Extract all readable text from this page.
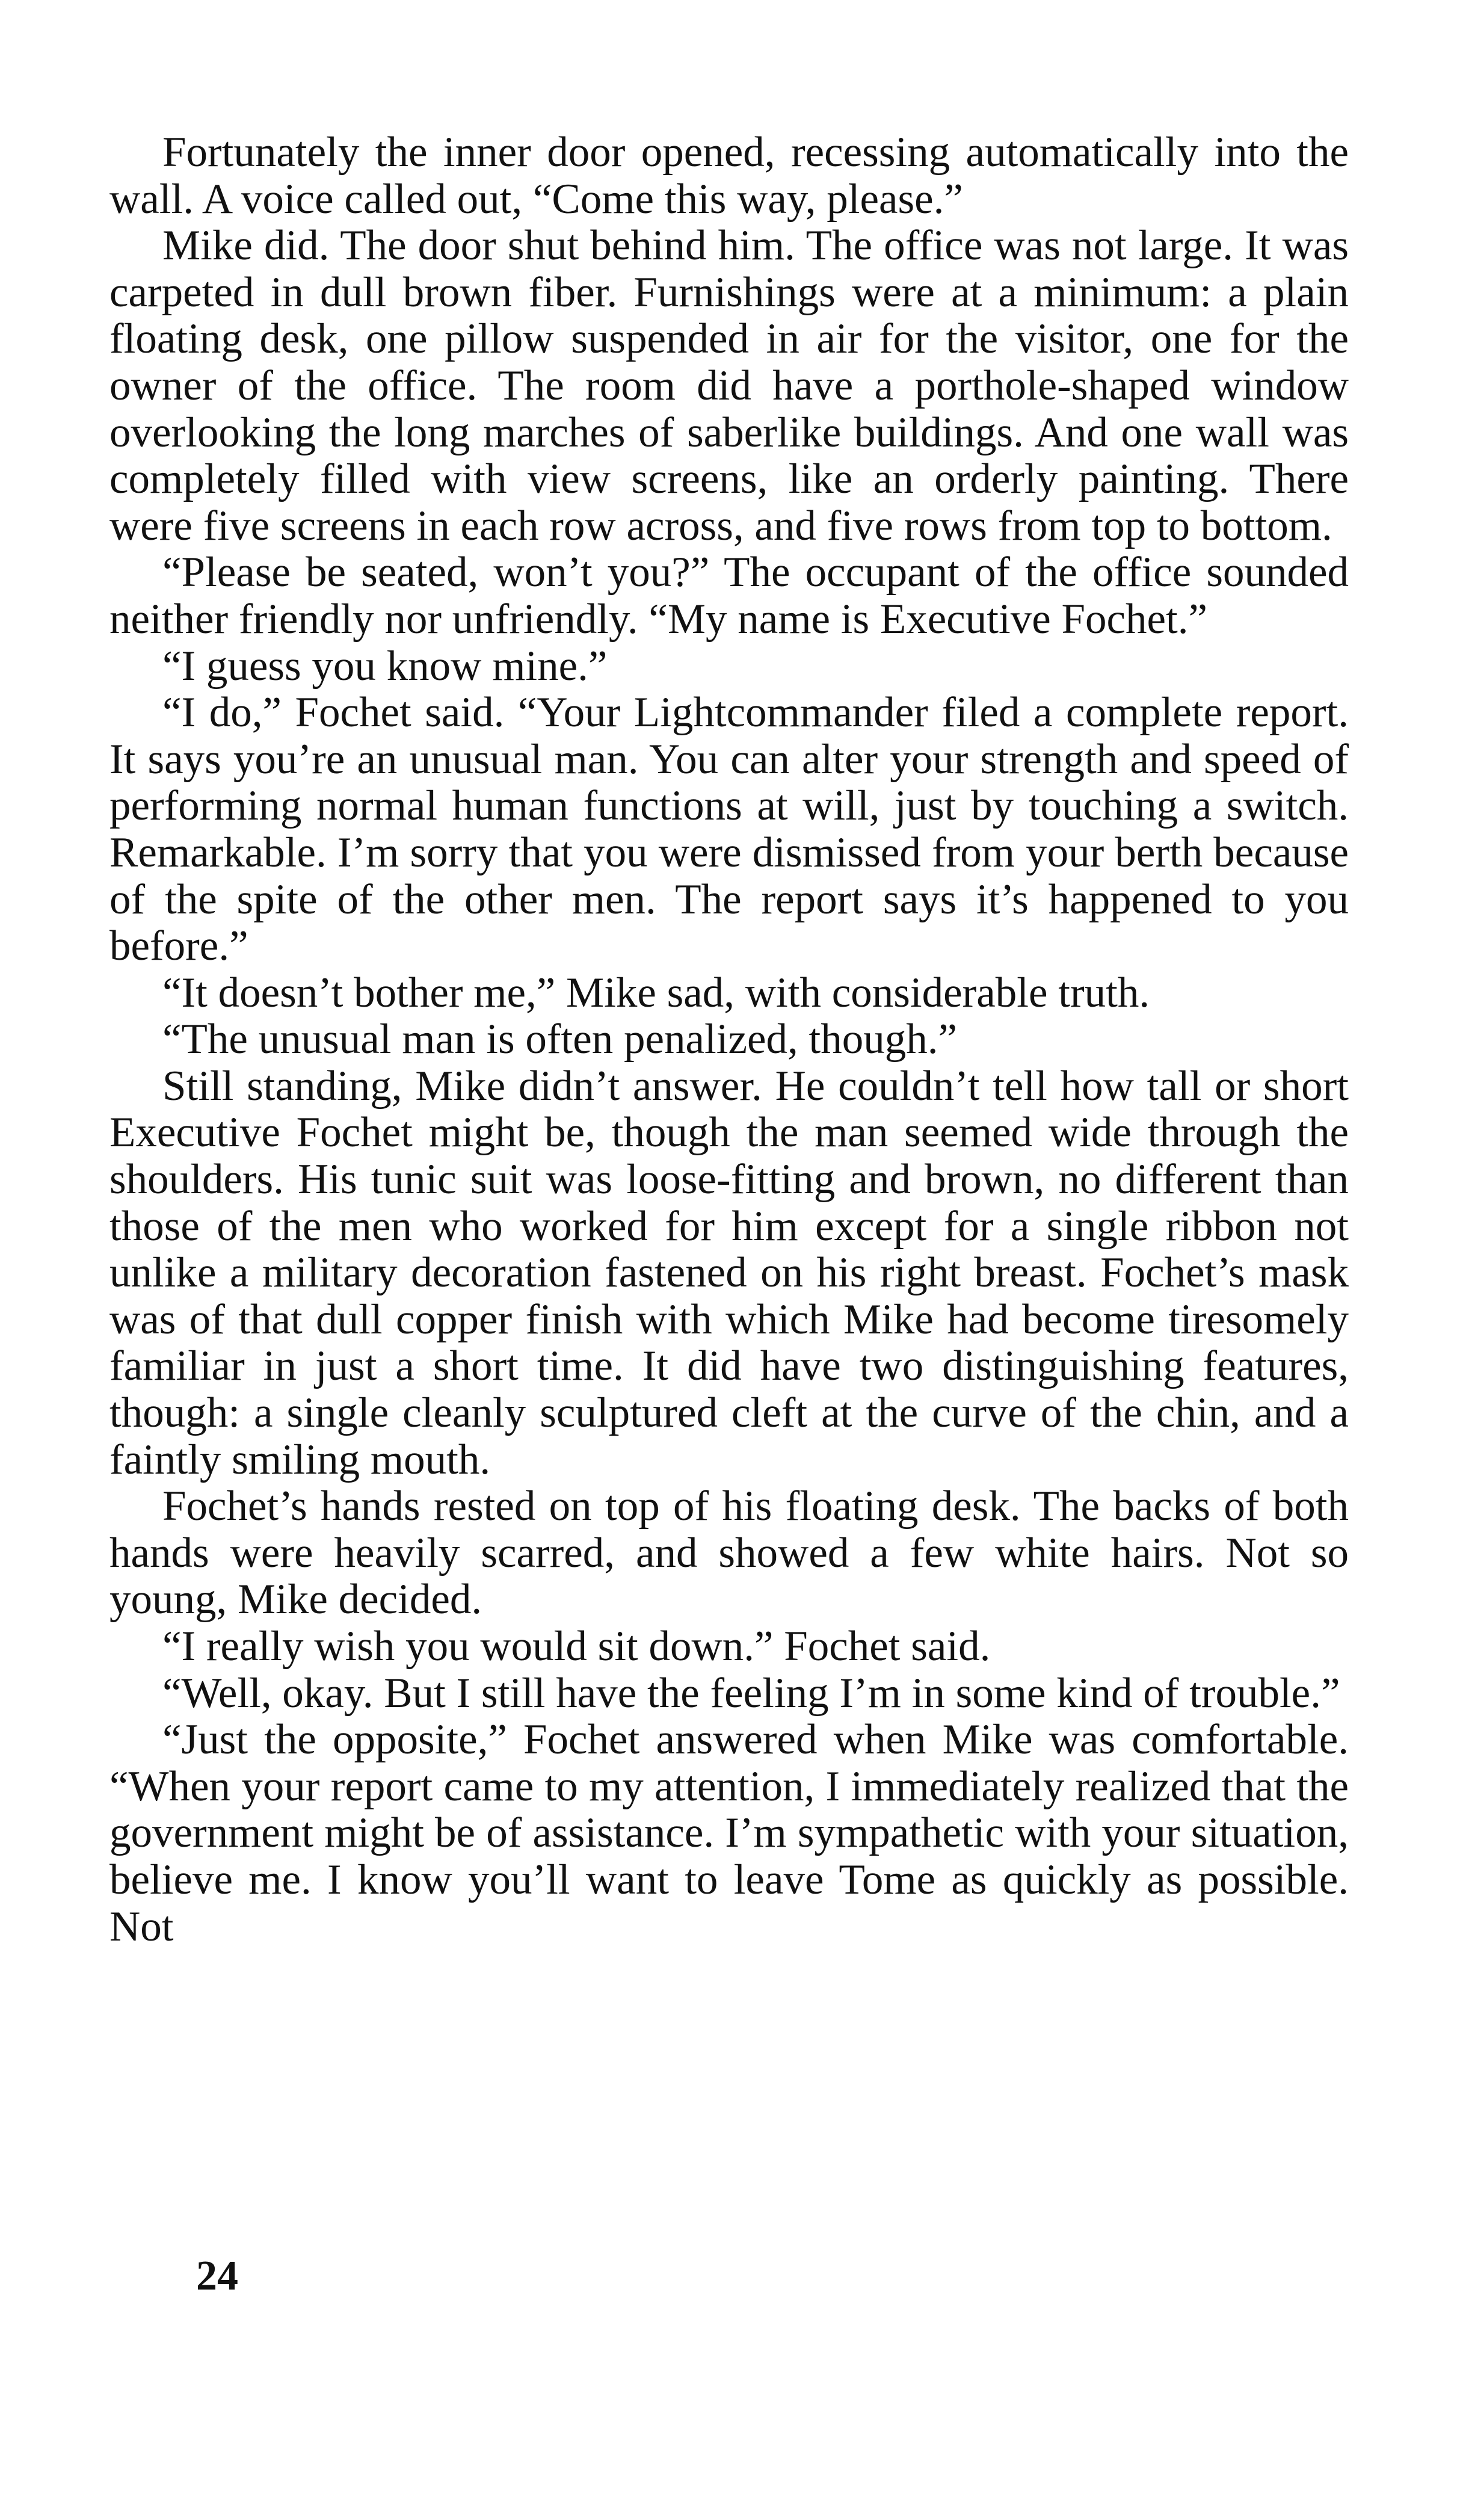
Fortunately the inner door opened, recessing automatically into the wall. A voice called out, “Come this way, please.”

Mike did. The door shut behind him. The office was not large. It was carpeted in dull brown fiber. Furnishings were at a minimum: a plain floating desk, one pillow suspended in air for the visitor, one for the owner of the office. The room did have a porthole-shaped window overlooking the long marches of saberlike buildings. And one wall was completely filled with view screens, like an orderly painting. There were five screens in each row across, and five rows from top to bottom.

“Please be seated, won’t you?” The occupant of the office sounded neither friendly nor unfriendly. “My name is Executive Fochet.”

“I guess you know mine.”

“I do,” Fochet said. “Your Lightcommander filed a complete report. It says you’re an unusual man. You can alter your strength and speed of performing normal human functions at will, just by touching a switch. Remarkable. I’m sorry that you were dismissed from your berth because of the spite of the other men. The report says it’s happened to you before.”

“It doesn’t bother me,” Mike sad, with considerable truth.

“The unusual man is often penalized, though.”

Still standing, Mike didn’t answer. He couldn’t tell how tall or short Executive Fochet might be, though the man seemed wide through the shoulders. His tunic suit was loose-fitting and brown, no different than those of the men who worked for him except for a single ribbon not unlike a military decoration fastened on his right breast. Fochet’s mask was of that dull copper finish with which Mike had become tiresomely familiar in just a short time. It did have two distinguishing features, though: a single cleanly sculptured cleft at the curve of the chin, and a faintly smiling mouth.

Fochet’s hands rested on top of his floating desk. The backs of both hands were heavily scarred, and showed a few white hairs. Not so young, Mike decided.

“I really wish you would sit down.” Fochet said.

“Well, okay. But I still have the feeling I’m in some kind of trouble.”

“Just the opposite,” Fochet answered when Mike was comfortable. “When your report came to my attention, I immediately realized that the government might be of assistance. I’m sympathetic with your situation, believe me. I know you’ll want to leave Tome as quickly as possible. Not

24
